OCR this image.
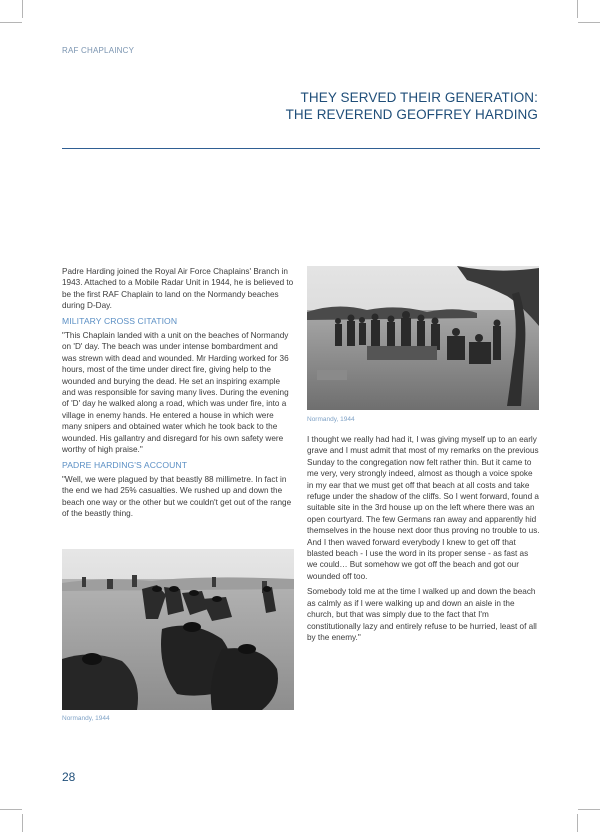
RAF CHAPLAINCY
THEY SERVED THEIR GENERATION:
THE REVEREND GEOFFREY HARDING

Padre Harding joined the Royal Air Force Chaplains' Branch in 1943. Attached to a Mobile Radar Unit in 1944, he is believed to be the first RAF Chaplain to land on the Normandy beaches during D-Day.

MILITARY CROSS CITATION

"This Chaplain landed with a unit on the beaches of Normandy on 'D' day. The beach was under intense bombardment and was strewn with dead and wounded. Mr Harding worked for 36 hours, most of the time under direct fire, giving help to the wounded and burying the dead. He set an inspiring example and was responsible for saving many lives. During the evening of 'D' day he walked along a road, which was under fire, into a village in enemy hands. He entered a house in which were many snipers and obtained water which he took back to the wounded. His gallantry and disregard for his own safety were worthy of high praise."

PADRE HARDING'S ACCOUNT

"Well, we were plagued by that beastly 88 millimetre. In fact in the end we had 25% casualties. We rushed up and down the beach one way or the other but we couldn't get out of the range of the beastly thing.

Normandy, 1944

I thought we really had had it, I was giving myself up to an early grave and I must admit that most of my remarks on the previous Sunday to the congregation now felt rather thin. But it came to me very, very strongly indeed, almost as though a voice spoke in my ear that we must get off that beach at all costs and take refuge under the shadow of the cliffs. So I went forward, found a suitable site in the 3rd house up on the left where there was an open courtyard. The few Germans ran away and apparently hid themselves in the house next door thus proving no trouble to us. And I then waved forward everybody I knew to get off that blasted beach - I use the word in its proper sense - as fast as we could… But somehow we got off the beach and got our wounded off too.

Somebody told me at the time I walked up and down the beach as calmly as if I were walking up and down an aisle in the church, but that was simply due to the fact that I'm constitutionally lazy and entirely refuse to be hurried, least of all by the enemy."

Normandy, 1944
28
